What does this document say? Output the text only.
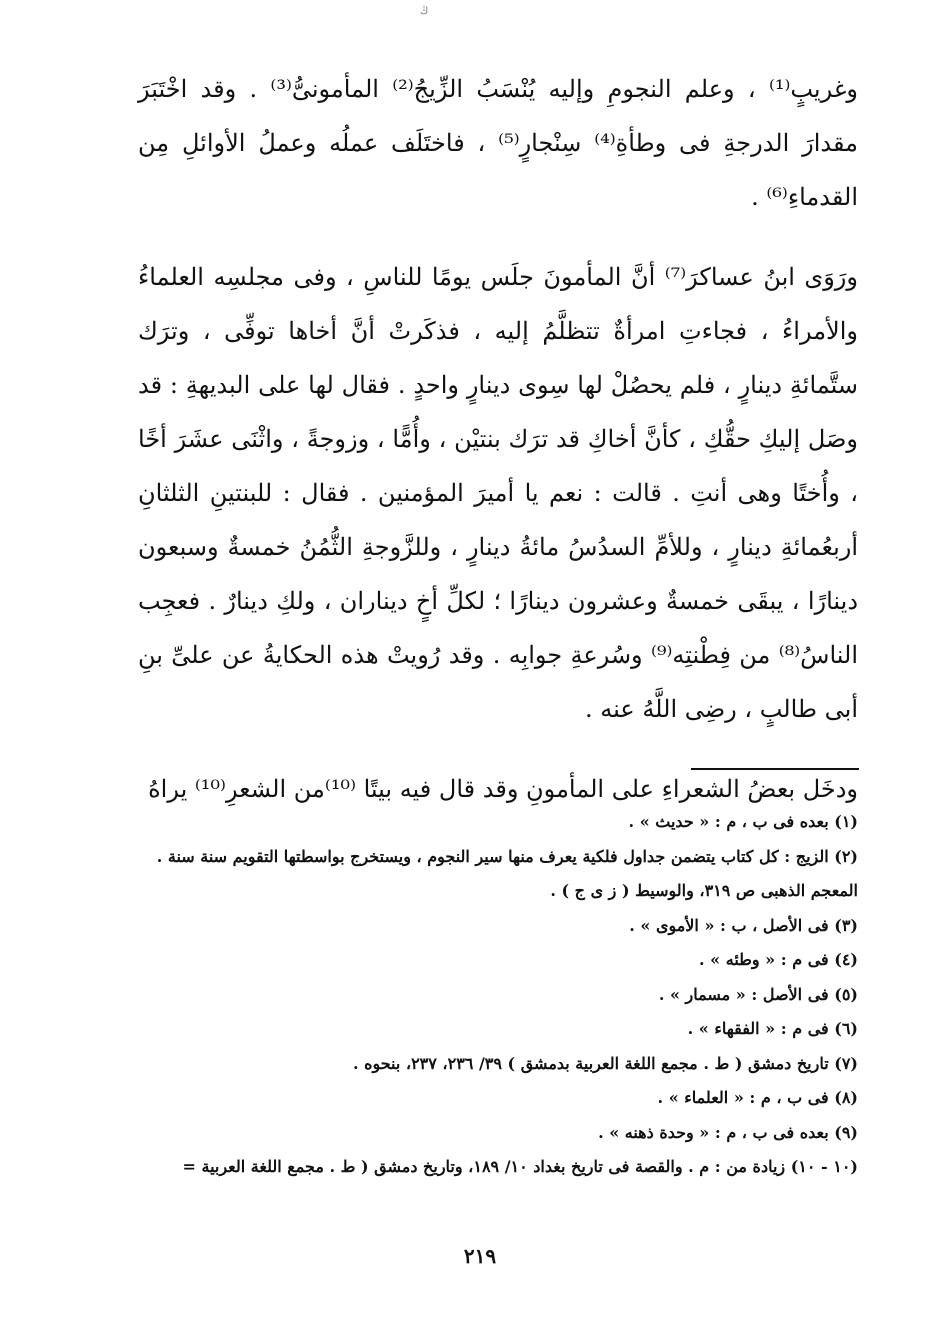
ڭ

وغريبٍ⁽¹⁾ ، وعلم النجومِ وإليه يُنْسَبُ الزِّيجُ⁽²⁾ المأمونىُّ⁽³⁾ . وقد اخْتَبَرَ مقدارَ الدرجةِ فى وطأةِ⁽⁴⁾ سِنْجارٍ⁽⁵⁾ ، فاختَلَف عملُه وعملُ الأوائلِ مِن القدماءِ⁽⁶⁾ .

ورَوَى ابنُ عساكرَ⁽⁷⁾ أنَّ المأمونَ جلَس يومًا للناسِ ، وفى مجلسِه العلماءُ والأمراءُ ، فجاءتِ امرأةٌ تتظلَّمُ إليه ، فذكَرتْ أنَّ أخاها توفِّى ، وترَك ستَّمائةِ دينارٍ ، فلم يحصُلْ لها سِوى دينارٍ واحدٍ . فقال لها على البديهةِ : قد وصَل إليكِ حقُّكِ ، كأنَّ أخاكِ قد ترَك بنتيْن ، وأُمًّا ، وزوجةً ، واثْنَى عشَرَ أخًا ، وأُختًا وهى أنتِ . قالت : نعم يا أميرَ المؤمنين . فقال : للبنتينِ الثلثانِ أربعُمائةِ دينارٍ ، وللأمِّ السدُسُ مائةُ دينارٍ ، وللزَّوجةِ الثُّمُنُ خمسةٌ وسبعون دينارًا ، يبقَى خمسةٌ وعشرون دينارًا ؛ لكلِّ أخٍ ديناران ، ولكِ دينارٌ . فعجِب الناسُ⁽⁸⁾ من فِطْنتِه⁽⁹⁾ وسُرعةِ جوابِه . وقد رُويتْ هذه الحكايةُ عن علىِّ بنِ أبى طالبٍ ، رضِى اللَّهُ عنه .

ودخَل بعضُ الشعراءِ على المأمونِ وقد قال فيه بيتًا ⁽¹⁰⁾من الشعرِ⁽¹⁰⁾ يراهُ

(١) بعده فى ب ، م : « حديث » .

(٢) الزيج : كل كتاب يتضمن جداول فلكية يعرف منها سير النجوم ، ويستخرج بواسطتها التقويم سنة سنة . المعجم الذهبى ص ٣١٩، والوسيط ( ز ى ج ) .

(٣) فى الأصل ، ب : « الأموى » .

(٤) فى م : « وطئه » .

(٥) فى الأصل : « مسمار » .

(٦) فى م : « الفقهاء » .

(٧) تاريخ دمشق ( ط . مجمع اللغة العربية بدمشق ) ٣٩/ ٢٣٦، ٢٣٧، بنحوه .

(٨) فى ب ، م : « العلماء » .

(٩) بعده فى ب ، م : « وحدة ذهنه » .

(١٠ - ١٠) زيادة من : م . والقصة فى تاريخ بغداد ١٠/ ١٨٩، وتاريخ دمشق ( ط . مجمع اللغة العربية =

٢١٩
